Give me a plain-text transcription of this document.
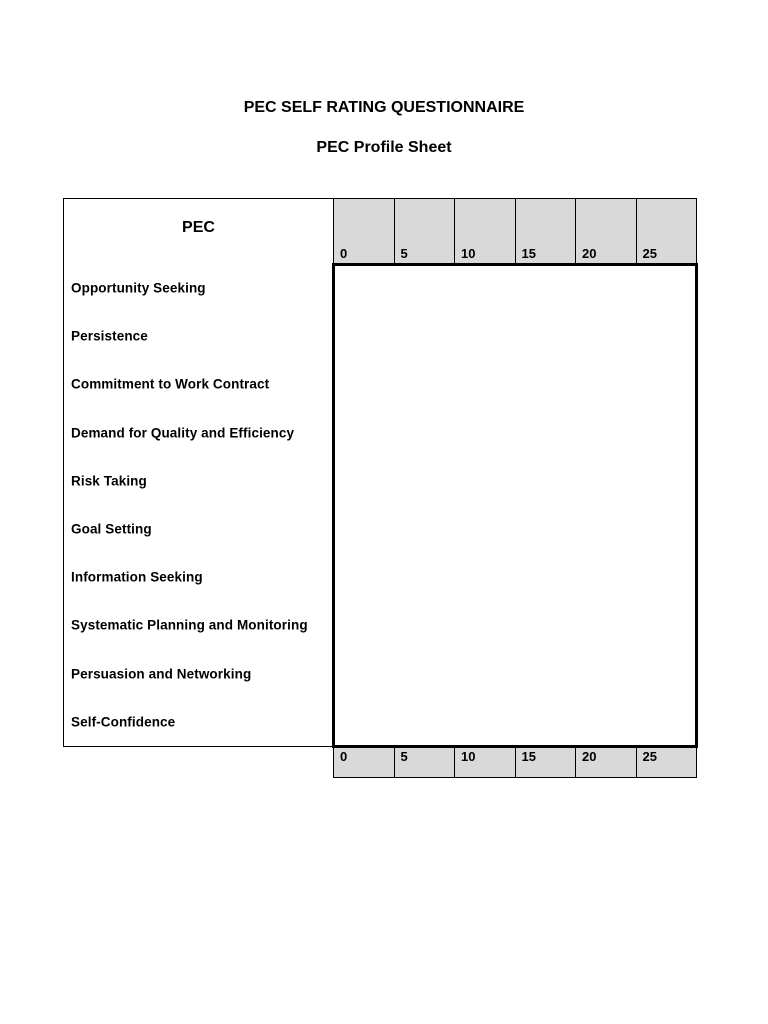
PEC SELF RATING QUESTIONNAIRE
PEC Profile Sheet
PEC
0	5	10	15	20	25
Opportunity Seeking
Persistence
Commitment to Work Contract
Demand for Quality and Efficiency
Risk Taking
Goal Setting
Information Seeking
Systematic Planning and Monitoring
Persuasion and Networking
Self-Confidence
0	5	10	15	20	25
